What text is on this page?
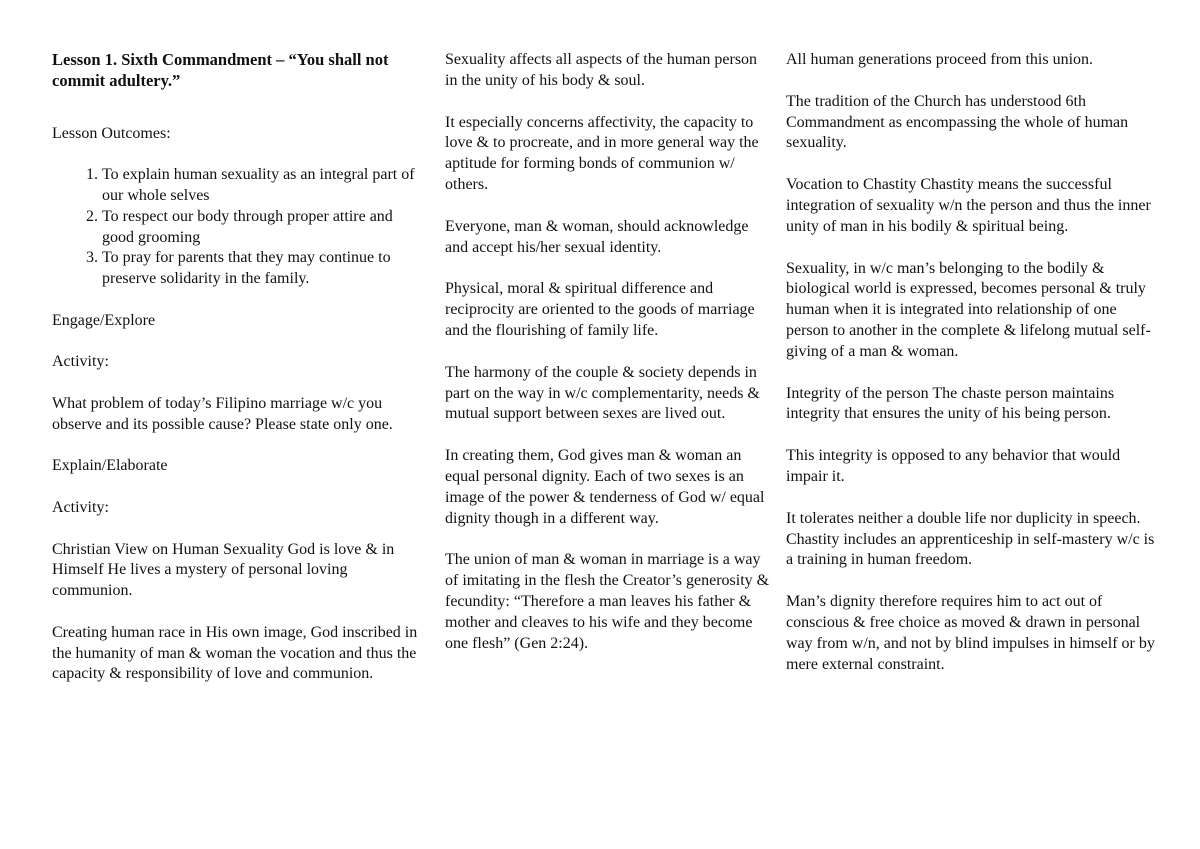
Lesson 1. Sixth Commandment – “You shall not commit adultery.”

Lesson Outcomes:

1. To explain human sexuality as an integral part of our whole selves
2. To respect our body through proper attire and good grooming
3. To pray for parents that they may continue to preserve solidarity in the family.

Engage/Explore

Activity:

What problem of today’s Filipino marriage w/c you observe and its possible cause? Please state only one.

Explain/Elaborate

Activity:

Christian View on Human Sexuality God is love & in Himself He lives a mystery of personal loving communion.

Creating human race in His own image, God inscribed in the humanity of man & woman the vocation and thus the capacity & responsibility of love and communion.

Sexuality affects all aspects of the human person in the unity of his body & soul.

It especially concerns affectivity, the capacity to love & to procreate, and in more general way the aptitude for forming bonds of communion w/ others.

Everyone, man & woman, should acknowledge and accept his/her sexual identity.

Physical, moral & spiritual difference and reciprocity are oriented to the goods of marriage and the flourishing of family life.

The harmony of the couple & society depends in part on the way in w/c complementarity, needs & mutual support between sexes are lived out.

In creating them, God gives man & woman an equal personal dignity. Each of two sexes is an image of the power & tenderness of God w/ equal dignity though in a different way.

The union of man & woman in marriage is a way of imitating in the flesh the Creator’s generosity & fecundity: “Therefore a man leaves his father & mother and cleaves to his wife and they become one flesh” (Gen 2:24).

All human generations proceed from this union.

The tradition of the Church has understood 6th Commandment as encompassing the whole of human sexuality.

Vocation to Chastity Chastity means the successful integration of sexuality w/n the person and thus the inner unity of man in his bodily & spiritual being.

Sexuality, in w/c man’s belonging to the bodily & biological world is expressed, becomes personal & truly human when it is integrated into relationship of one person to another in the complete & lifelong mutual self-giving of a man & woman.

Integrity of the person The chaste person maintains integrity that ensures the unity of his being person.

This integrity is opposed to any behavior that would impair it.

It tolerates neither a double life nor duplicity in speech. Chastity includes an apprenticeship in self-mastery w/c is a training in human freedom.

Man’s dignity therefore requires him to act out of conscious & free choice as moved & drawn in personal way from w/n, and not by blind impulses in himself or by mere external constraint.
